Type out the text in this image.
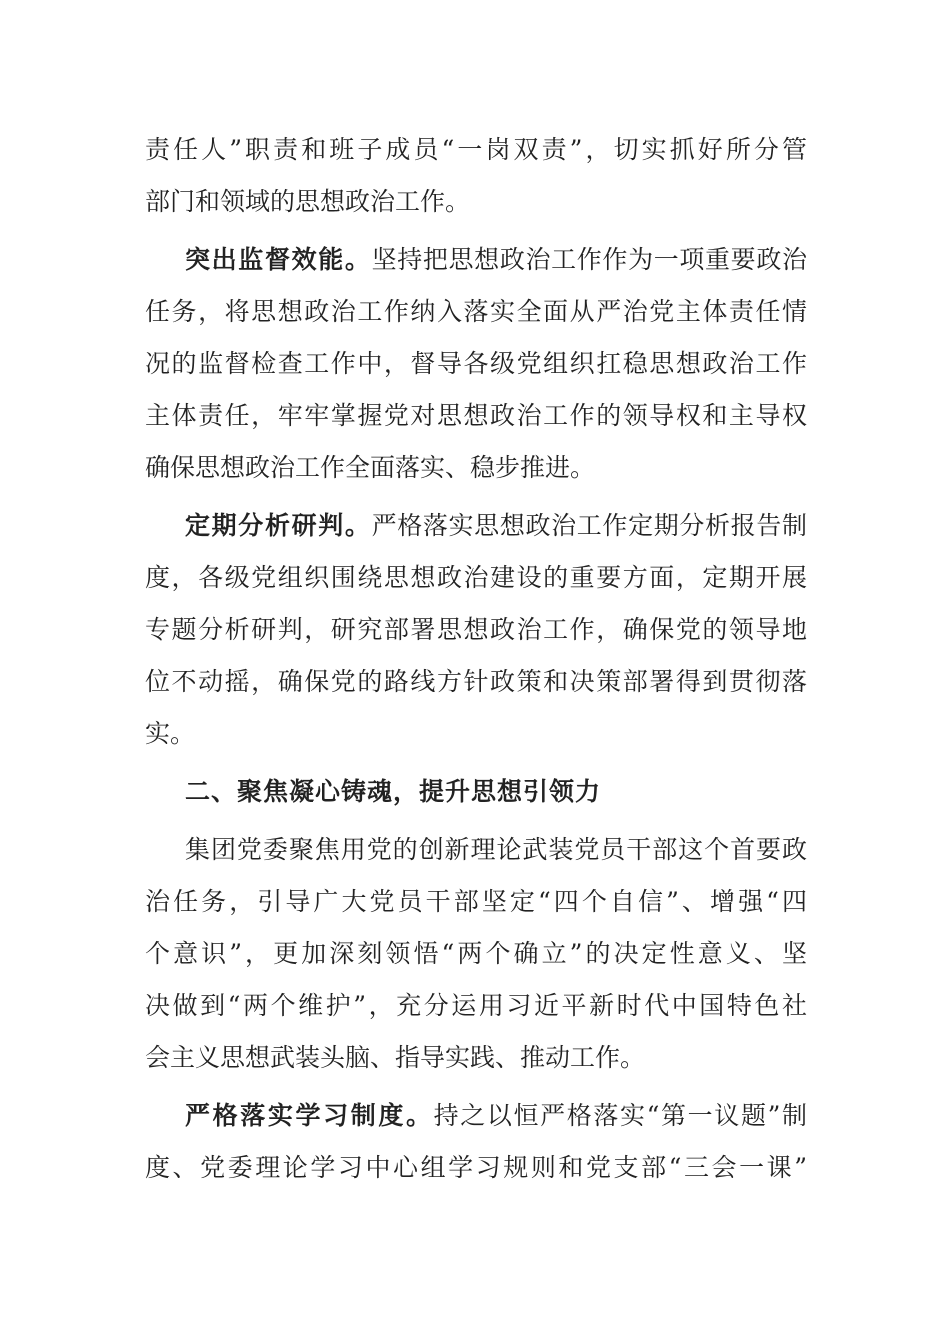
责任人”职责和班子成员“一岗双责”，切实抓好所分管
部门和领域的思想政治工作。
突出监督效能。坚持把思想政治工作作为一项重要政治
任务，将思想政治工作纳入落实全面从严治党主体责任情
况的监督检查工作中，督导各级党组织扛稳思想政治工作
主体责任，牢牢掌握党对思想政治工作的领导权和主导权
确保思想政治工作全面落实、稳步推进。
定期分析研判。严格落实思想政治工作定期分析报告制
度，各级党组织围绕思想政治建设的重要方面，定期开展
专题分析研判，研究部署思想政治工作，确保党的领导地
位不动摇，确保党的路线方针政策和决策部署得到贯彻落
实。
二、聚焦凝心铸魂，提升思想引领力
集团党委聚焦用党的创新理论武装党员干部这个首要政
治任务，引导广大党员干部坚定“四个自信”、增强“四
个意识”，更加深刻领悟“两个确立”的决定性意义、坚
决做到“两个维护”，充分运用习近平新时代中国特色社
会主义思想武装头脑、指导实践、推动工作。
严格落实学习制度。持之以恒严格落实“第一议题”制
度、党委理论学习中心组学习规则和党支部“三会一课”
